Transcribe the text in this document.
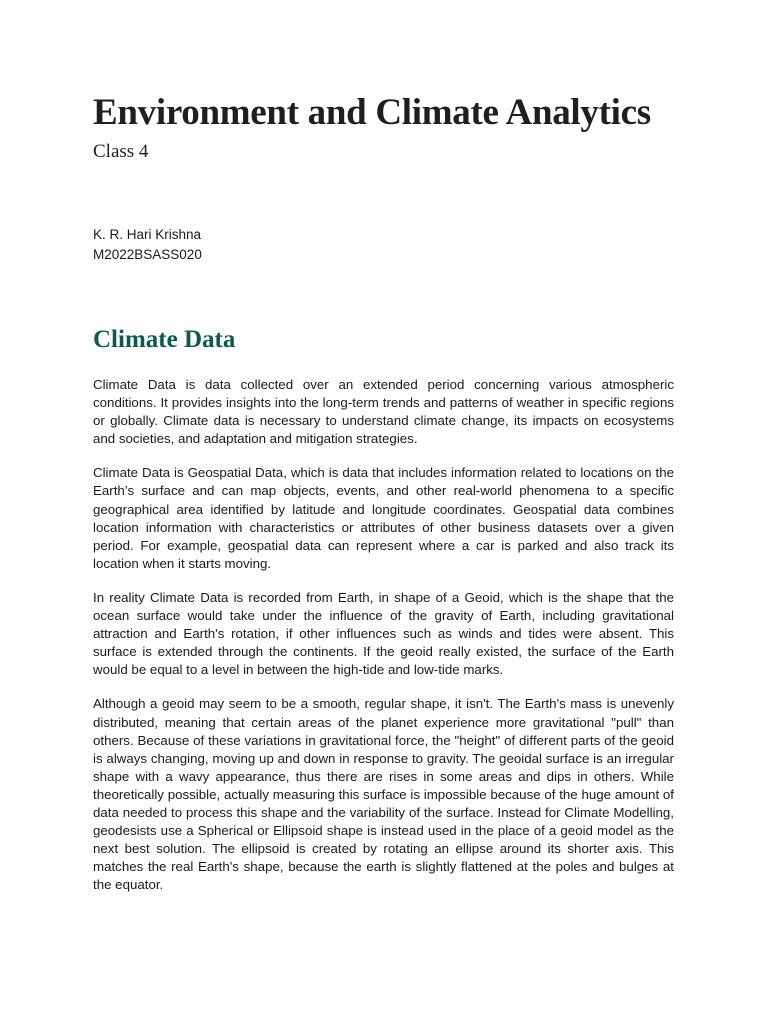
Environment and Climate Analytics
Class 4
K. R. Hari Krishna
M2022BSASS020
Climate Data

Climate Data is data collected over an extended period concerning various atmospheric conditions. It provides insights into the long-term trends and patterns of weather in specific regions or globally. Climate data is necessary to understand climate change, its impacts on ecosystems and societies, and adaptation and mitigation strategies.

Climate Data is Geospatial Data, which is data that includes information related to locations on the Earth’s surface and can map objects, events, and other real-world phenomena to a specific geographical area identified by latitude and longitude coordinates. Geospatial data combines location information with characteristics or attributes of other business datasets over a given period. For example, geospatial data can represent where a car is parked and also track its location when it starts moving.

In reality Climate Data is recorded from Earth, in shape of a Geoid, which is the shape that the ocean surface would take under the influence of the gravity of Earth, including gravitational attraction and Earth's rotation, if other influences such as winds and tides were absent. This surface is extended through the continents. If the geoid really existed, the surface of the Earth would be equal to a level in between the high-tide and low-tide marks.

Although a geoid may seem to be a smooth, regular shape, it isn't. The Earth's mass is unevenly distributed, meaning that certain areas of the planet experience more gravitational "pull" than others. Because of these variations in gravitational force, the "height" of different parts of the geoid is always changing, moving up and down in response to gravity. The geoidal surface is an irregular shape with a wavy appearance, thus there are rises in some areas and dips in others. While theoretically possible, actually measuring this surface is impossible because of the huge amount of data needed to process this shape and the variability of the surface. Instead for Climate Modelling, geodesists use a Spherical or Ellipsoid shape is instead used in the place of a geoid model as the next best solution. The ellipsoid is created by rotating an ellipse around its shorter axis. This matches the real Earth's shape, because the earth is slightly flattened at the poles and bulges at the equator.
